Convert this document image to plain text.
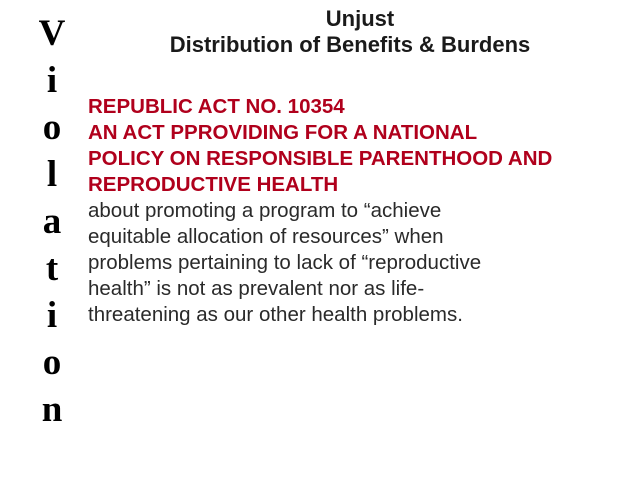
V
i
o
l
a
t
i
o
n
Unjust
Distribution of Benefits & Burdens
REPUBLIC ACT NO. 10354
AN ACT PPROVIDING FOR A NATIONAL
POLICY ON RESPONSIBLE PARENTHOOD AND
REPRODUCTIVE HEALTH
about promoting a program to “achieve
equitable allocation of resources” when
problems pertaining to lack of “reproductive
health” is not as prevalent nor as life-
threatening as our other health problems.
